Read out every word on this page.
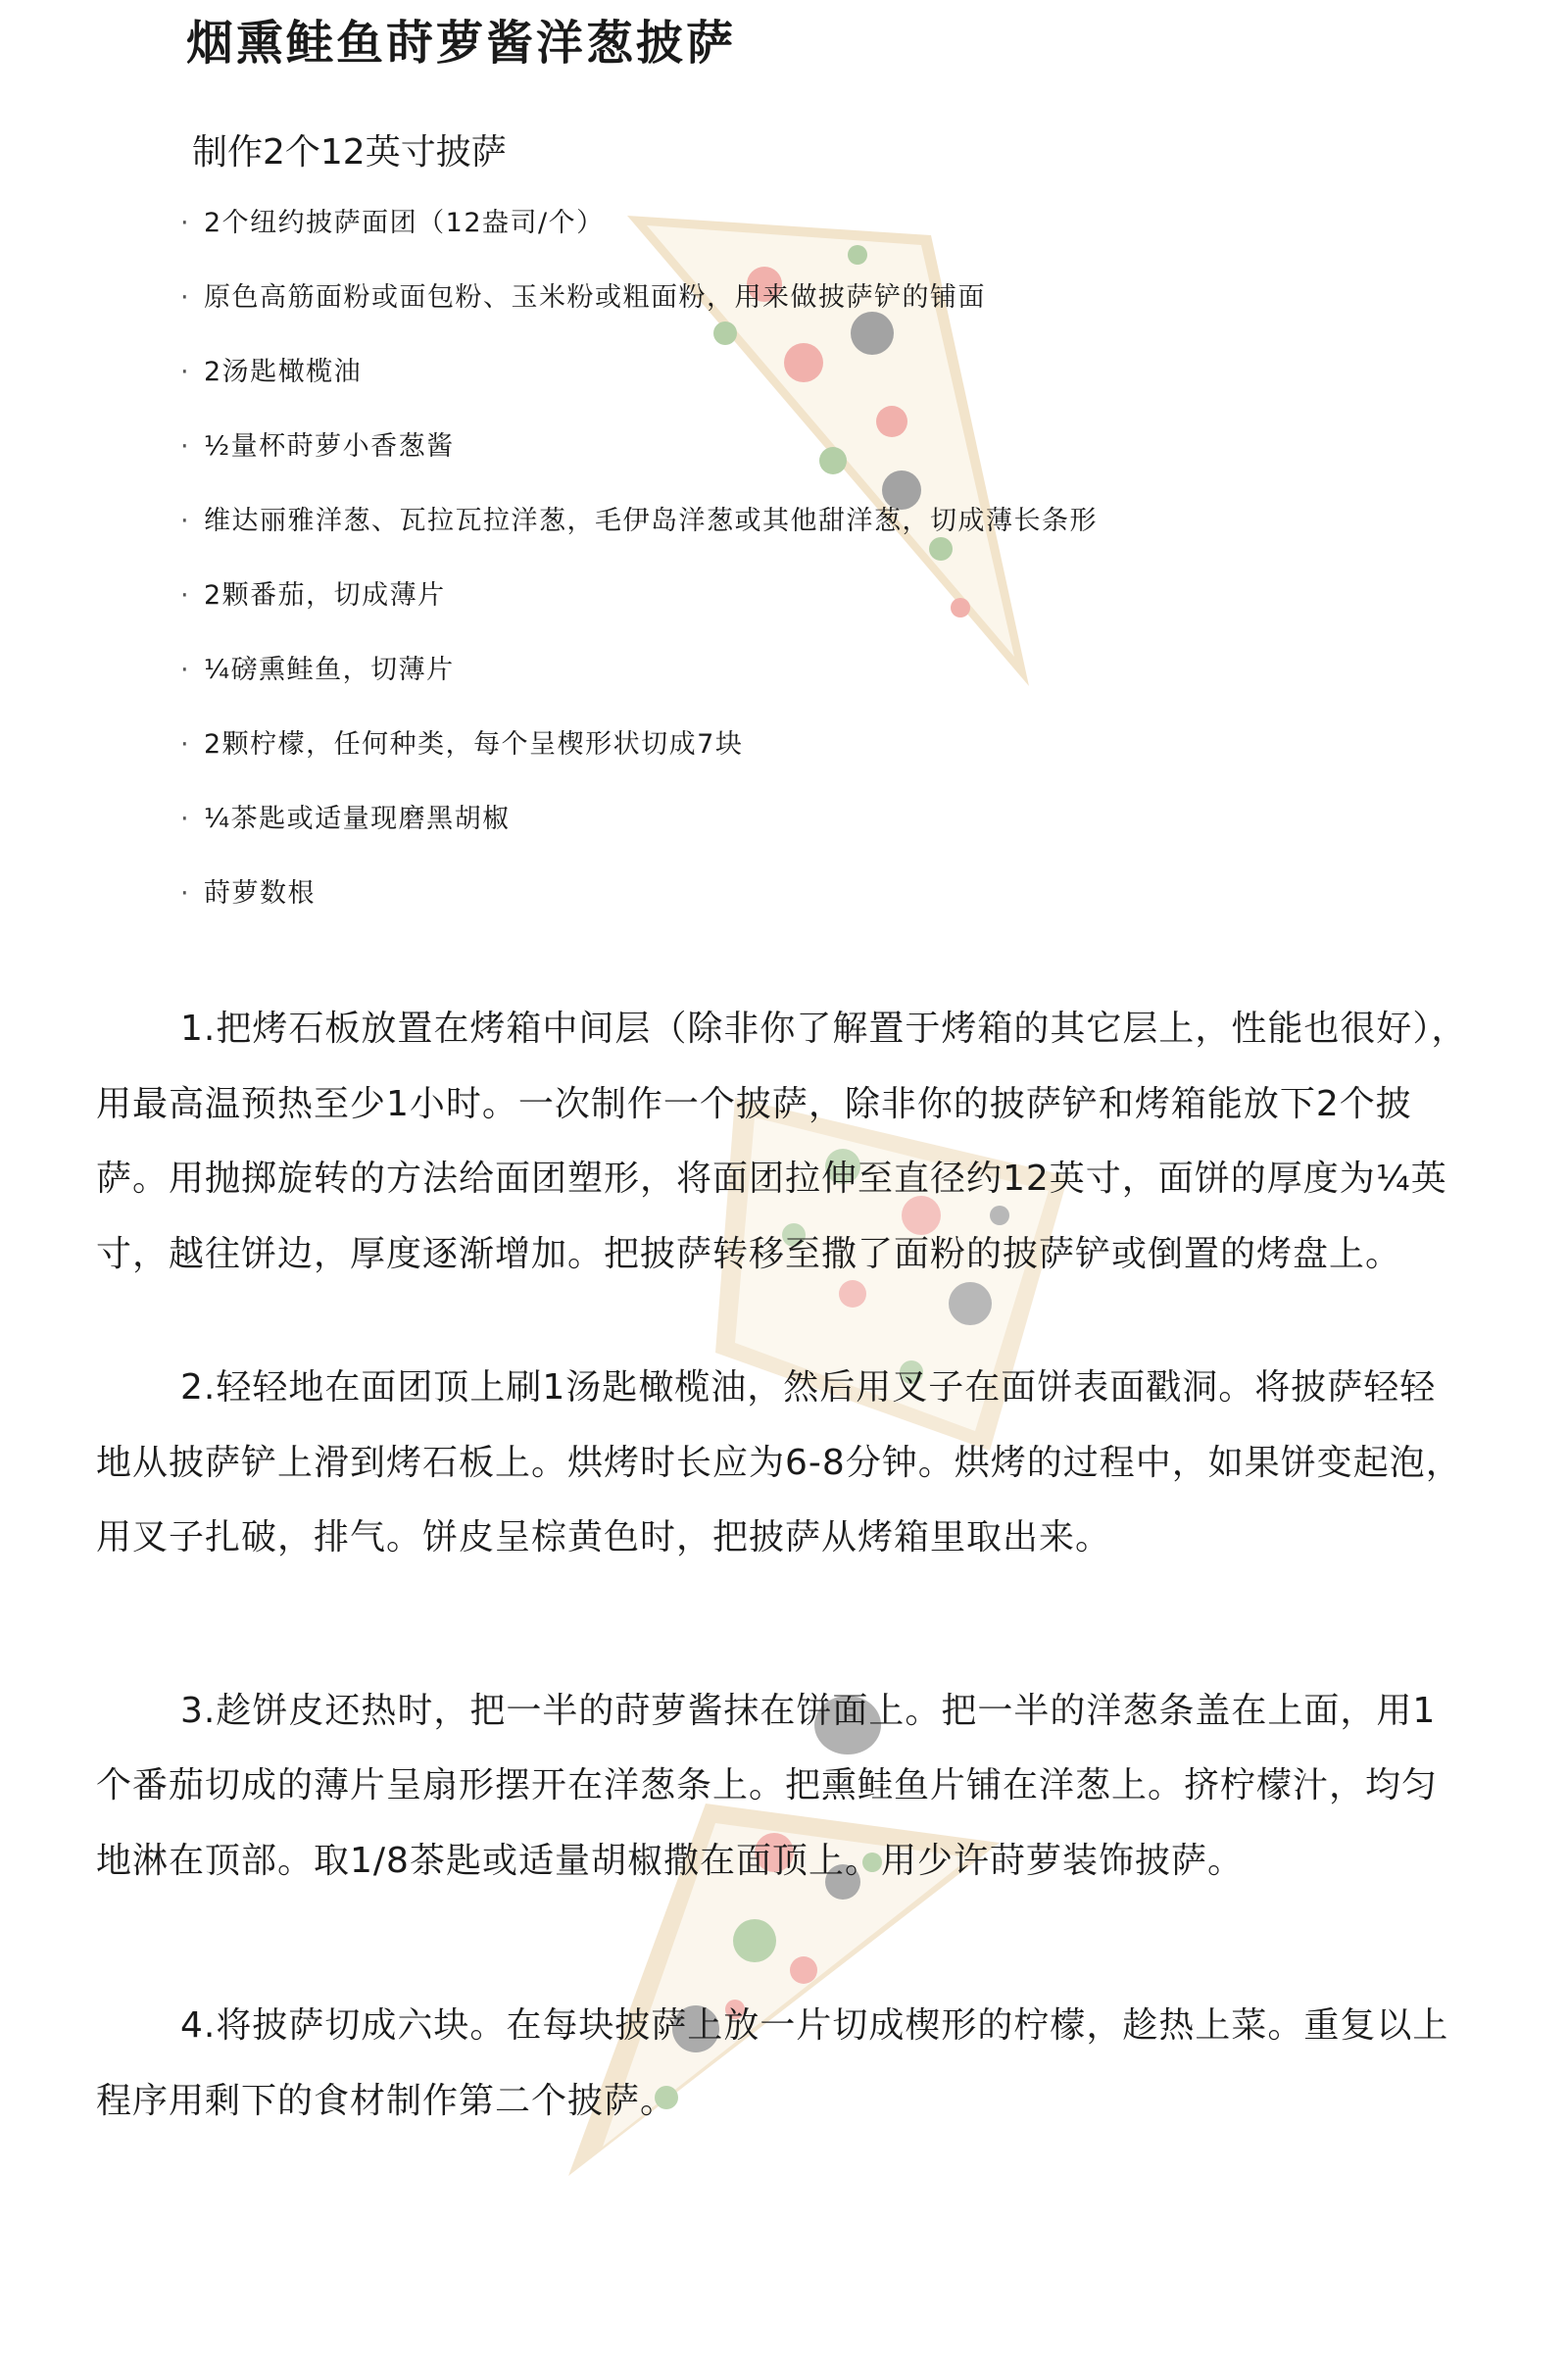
烟熏鲑鱼莳萝酱洋葱披萨
制作2个12英寸披萨
· 2个纽约披萨面团（12盎司/个）
· 原色高筋面粉或面包粉、玉米粉或粗面粉，用来做披萨铲的铺面
· 2汤匙橄榄油
· ½量杯莳萝小香葱酱
· 维达丽雅洋葱、瓦拉瓦拉洋葱，毛伊岛洋葱或其他甜洋葱，切成薄长条形
· 2颗番茄，切成薄片
· ¼磅熏鲑鱼，切薄片
· 2颗柠檬，任何种类，每个呈楔形状切成7块
· ¼茶匙或适量现磨黑胡椒
· 莳萝数根

1.把烤石板放置在烤箱中间层（除非你了解置于烤箱的其它层上，性能也很好），用最高温预热至少1小时。一次制作一个披萨，除非你的披萨铲和烤箱能放下2个披萨。用抛掷旋转的方法给面团塑形，将面团拉伸至直径约12英寸，面饼的厚度为¼英寸，越往饼边，厚度逐渐增加。把披萨转移至撒了面粉的披萨铲或倒置的烤盘上。

2.轻轻地在面团顶上刷1汤匙橄榄油，然后用叉子在面饼表面戳洞。将披萨轻轻地从披萨铲上滑到烤石板上。烘烤时长应为6-8分钟。烘烤的过程中，如果饼变起泡，用叉子扎破，排气。饼皮呈棕黄色时，把披萨从烤箱里取出来。

3.趁饼皮还热时，把一半的莳萝酱抹在饼面上。把一半的洋葱条盖在上面，用1个番茄切成的薄片呈扇形摆开在洋葱条上。把熏鲑鱼片铺在洋葱上。挤柠檬汁，均匀地淋在顶部。取1/8茶匙或适量胡椒撒在面顶上。用少许莳萝装饰披萨。

4.将披萨切成六块。在每块披萨上放一片切成楔形的柠檬，趁热上菜。重复以上程序用剩下的食材制作第二个披萨。
